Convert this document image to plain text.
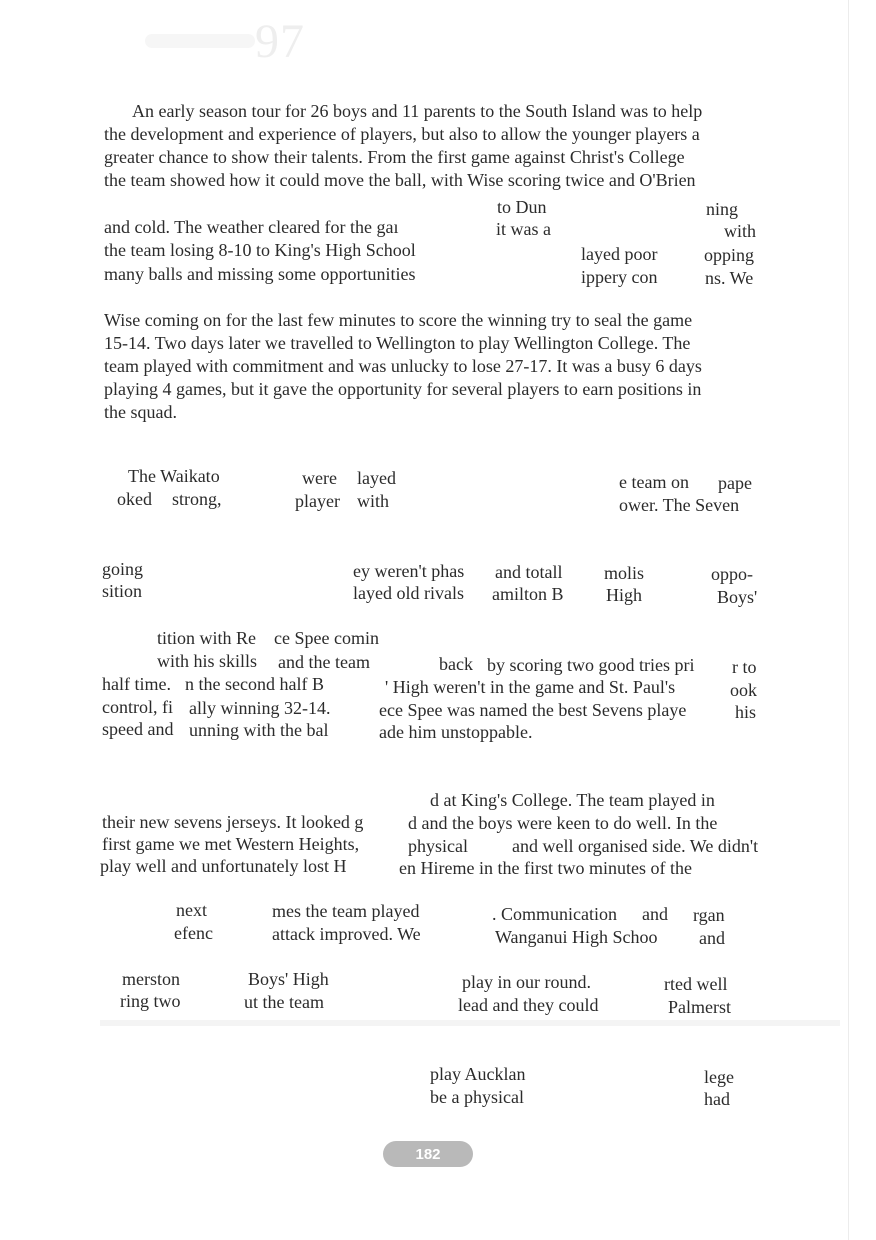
97

An early season tour for 26 boys and 11 parents to the South Island was to help
the development and experience of players, but also to allow the younger players a
greater chance to show their talents. From the first game against Christ's College
the team showed how it could move the ball, with Wise scoring twice and O'Brien

to Dun	ning
and cold. The weather cleared for the gaı	it was a	with
the team losing 8-10 to King's High School	layed poor	opping
many balls and missing some opportunities	ippery con	ns. We

Wise coming on for the last few minutes to score the winning try to seal the game
15-14. Two days later we travelled to Wellington to play Wellington College. The
team played with commitment and was unlucky to lose 27-17. It was a busy 6 days
playing 4 games, but it gave the opportunity for several players to earn positions in
the squad.

The Waikato	were layed	e team on pape
oked strong,	player with	ower. The Seven
going	ey weren't phas and totall molis	oppo-
sition	layed old rivals amilton B High	Boys'
tition with Re ce Spee comin
with his skills and the team	back by scoring two good tries pri r to
half time. n the second half B	' High weren't in the game and St. Paul's	ook
control, fi ally winning 32-14.	ece Spee was named the best Sevens playe	his
speed and unning with the bal	ade him unstoppable.
d at King's College. The team played in
their new sevens jerseys. It looked g d and the boys were keen to do well. In the
first game we met Western Heights,	physical and well organised side. We didn't
play well and unfortunately lost H	en Hireme in the first two minutes of the
next	mes the team played	. Communication and rgan
efenc	attack improved. We	Wanganui High Schoo and
merston	Boys' High	play in our round.	rted well
ring two	ut the team	lead and they could	Palmerst
play Aucklan	lege
be a physical	had
182
